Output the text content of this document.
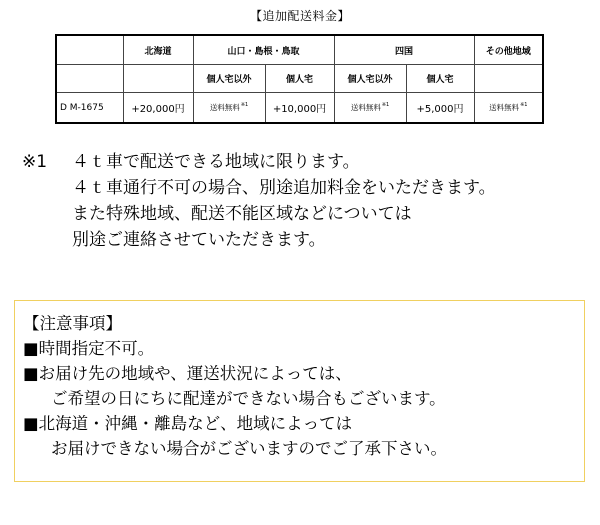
【追加配送料金】
	北海道	山口・島根・鳥取		四国		その他地域
		個人宅以外	個人宅	個人宅以外	個人宅	
D M-1675	+20,000円	送料無料$^{※1}$	+10,000円	送料無料$^{※1}$	+5,000円	送料無料$^{※1}$
※1 ４ｔ車で配送できる地域に限ります。
４ｔ車通行不可の場合、別途追加料金をいただきます。
また特殊地域、配送不能区域などについては
別途ご連絡させていただきます。
【注意事項】
■時間指定不可。
■お届け先の地域や、運送状況によっては、
ご希望の日にちに配達ができない場合もございます。
■北海道・沖縄・離島など、地域によっては
お届けできない場合がございますのでご了承下さい。
